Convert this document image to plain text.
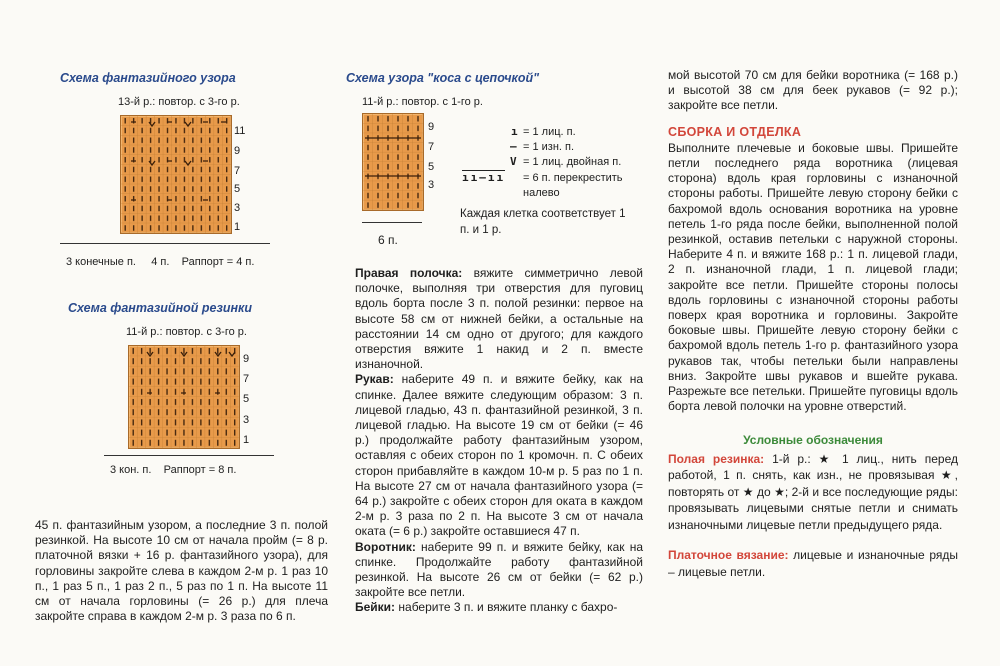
Схема фантазийного узора
13-й р.: повтор. с 3-го р.
11
9
7
5
3
1
3 конечные п.     4 п.    Раппорт = 4 п.
Схема фантазийной резинки
11-й р.: повтор. с 3-го р.
9
7
5
3
1
3 кон. п.    Раппорт = 8 п.

45 п. фантазийным узором, а последние 3 п. полой резинкой. На высоте 10 см от начала пройм (= 8 р. платочной вязки + 16 р. фантазийного узора), для горловины закройте слева в каждом 2-м р. 1 раз 10 п., 1 раз 5 п., 1 раз 2 п., 5 раз по 1 п. На высоте 11 см от начала горловины (= 26 р.) для плеча закройте справа в каждом 2-м р. 3 раза по 6 п.

Схема узора "коса с цепочкой"
11-й р.: повтор. с 1-го р.
9
7
5
3
6 п.
ı = 1 лиц. п.
– = 1 изн. п.
V = 1 лиц. двойная п.
ıı–ıı = 6 п. перекрестить налево
Каждая клетка соответствует 1 п. и 1 р.

Правая полочка: вяжите симметрично левой полочке, выполняя три отверстия для пуговиц вдоль борта после 3 п. полой резинки: первое на высоте 58 см от нижней бейки, а остальные на расстоянии 14 см одно от другого; для каждого отверстия вяжите 1 накид и 2 п. вместе изнаночной.

Рукав: наберите 49 п. и вяжите бейку, как на спинке. Далее вяжите следующим образом: 3 п. лицевой гладью, 43 п. фантазийной резинкой, 3 п. лицевой гладью. На высоте 19 см от бейки (= 46 р.) продолжайте работу фантазийным узором, оставляя с обеих сторон по 1 кромочн. п. С обеих сторон прибавляйте в каждом 10-м р. 5 раз по 1 п. На высоте 27 см от начала фантазийного узора (= 64 р.) закройте с обеих сторон для оката в каждом 2-м р. 3 раза по 2 п. На высоте 3 см от начала оката (= 6 р.) закройте оставшиеся 47 п.

Воротник: наберите 99 п. и вяжите бейку, как на спинке. Продолжайте работу фантазийной резинкой. На высоте 26 см от бейки (= 62 р.) закройте все петли.

Бейки: наберите 3 п. и вяжите планку с бахро-

мой высотой 70 см для бейки воротника (= 168 р.) и высотой 38 см для беек рукавов (= 92 р.); закройте все петли.

СБОРКА И ОТДЕЛКА

Выполните плечевые и боковые швы. Пришейте петли последнего ряда воротника (лицевая сторона) вдоль края горловины с изнаночной стороны работы. Пришейте левую сторону бейки с бахромой вдоль основания воротника на уровне петель 1-го ряда после бейки, выполненной полой резинкой, оставив петельки с наружной стороны. Наберите 4 п. и вяжите 168 р.: 1 п. лицевой глади, 2 п. изнаночной глади, 1 п. лицевой глади; закройте все петли. Пришейте стороны полосы вдоль горловины с изнаночной стороны работы поверх края воротника и горловины. Закройте боковые швы. Пришейте левую сторону бейки с бахромой вдоль петель 1-го р. фантазийного узора рукавов так, чтобы петельки были направлены вниз. Закройте швы рукавов и вшейте рукава. Разрежьте все петельки. Пришейте пуговицы вдоль борта левой полочки на уровне отверстий.

Условные обозначения

Полая резинка: 1-й р.: ★ 1 лиц., нить перед работой, 1 п. снять, как изн., не провязывая ★, повторять от ★ до ★; 2-й и все последующие ряды: провязывать лицевыми снятые петли и снимать изнаночными лицевые петли предыдущего ряда.

Платочное вязание: лицевые и изнаночные ряды – лицевые петли.
